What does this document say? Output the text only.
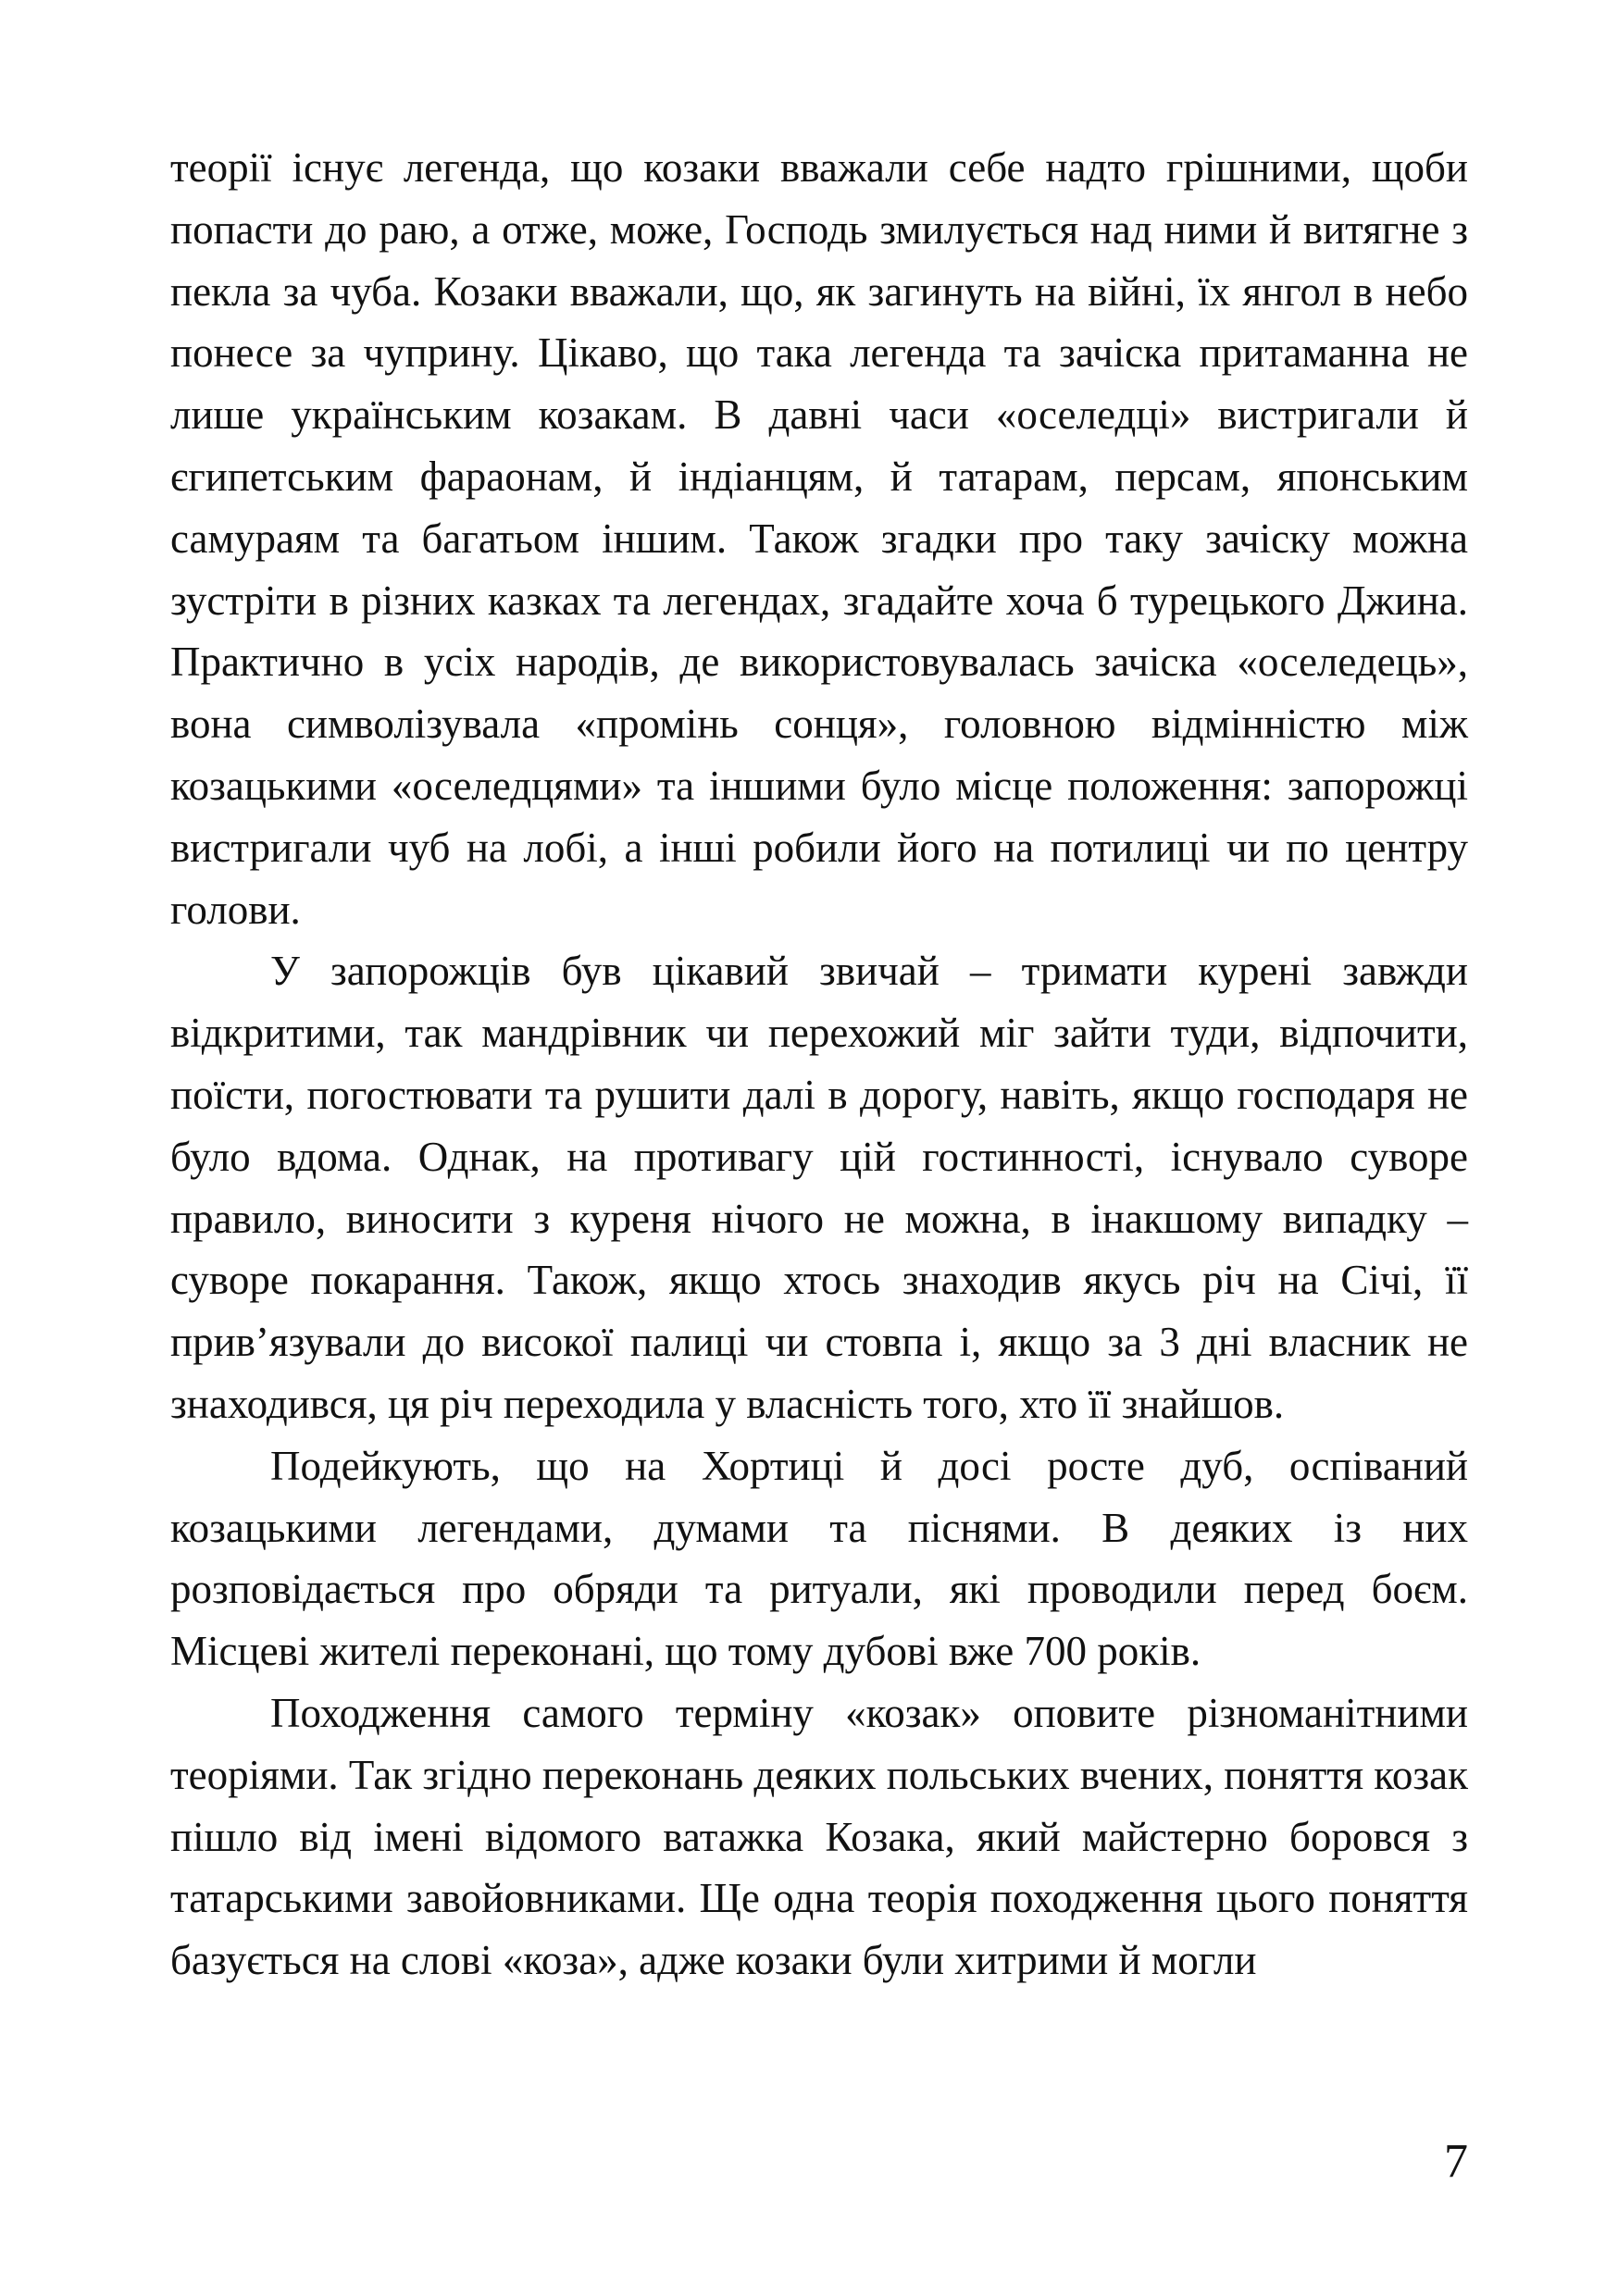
теорії існує легенда, що козаки вважали себе надто грішними, щоби попасти до раю, а отже, може, Господь змилується над ними й витягне з пекла за чуба. Козаки вважали, що, як загинуть на війні, їх янгол в небо понесе за чуприну. Цікаво, що така легенда та зачіска притаманна не лише українським козакам. В давні часи «оселедці» вистригали й єгипетським фараонам, й індіанцям, й татарам, персам, японським самураям та багатьом іншим. Також згадки про таку зачіску можна зустріти в різних казках та легендах, згадайте хоча б турецького Джина. Практично в усіх народів, де використовувалась зачіска «оселедець», вона символізувала «промінь сонця», головною відмінністю між козацькими «оселедцями» та іншими було місце положення: запорожці вистригали чуб на лобі, а інші робили його на потилиці чи по центру голови.

У запорожців був цікавий звичай – тримати курені завжди відкритими, так мандрівник чи перехожий міг зайти туди, відпочити, поїсти, погостювати та рушити далі в дорогу, навіть, якщо господаря не було вдома. Однак, на противагу цій гостинності, існувало суворе правило, виносити з куреня нічого не можна, в інакшому випадку – суворе покарання. Також, якщо хтось знаходив якусь річ на Січі, її прив’язували до високої палиці чи стовпа і, якщо за 3 дні власник не знаходився, ця річ переходила у власність того, хто її знайшов.

Подейкують, що на Хортиці й досі росте дуб, оспіваний козацькими легендами, думами та піснями. В деяких із них розповідається про обряди та ритуали, які проводили перед боєм. Місцеві жителі переконані, що тому дубові вже 700 років.

Походження самого терміну «козак» оповите різноманітними теоріями. Так згідно переконань деяких польських вчених, поняття козак пішло від імені відомого ватажка Козака, який майстерно боровся з татарськими завойовниками. Ще одна теорія походження цього поняття базується на слові «коза», адже козаки були хитрими й могли

7
